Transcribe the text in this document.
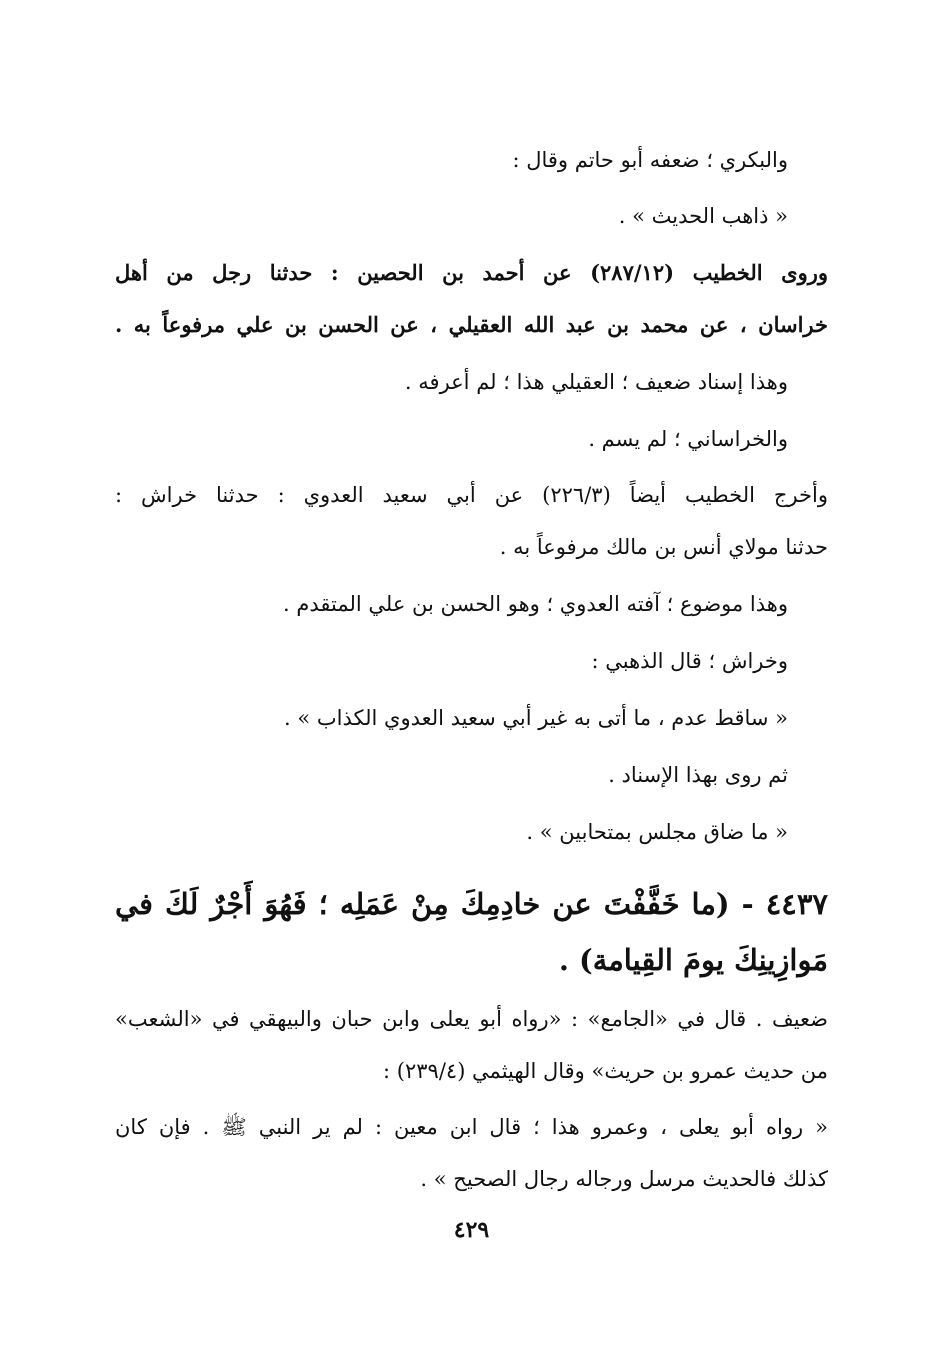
والبكري ؛ ضعفه أبو حاتم وقال :

« ذاهب الحديث » .

وروى الخطيب (٢٨٧/١٢) عن أحمد بن الحصين : حدثنا رجل من أهل

خراسان ، عن محمد بن عبد الله العقيلي ، عن الحسن بن علي مرفوعاً به .

وهذا إسناد ضعيف ؛ العقيلي هذا ؛ لم أعرفه .

والخراساني ؛ لم يسم .

وأخرج الخطيب أيضاً (٢٢٦/٣) عن أبي سعيد العدوي : حدثنا خراش :

حدثنا مولاي أنس بن مالك مرفوعاً به .

وهذا موضوع ؛ آفته العدوي ؛ وهو الحسن بن علي المتقدم .

وخراش ؛ قال الذهبي :

« ساقط عدم ، ما أتى به غير أبي سعيد العدوي الكذاب » .

ثم روى بهذا الإسناد .

« ما ضاق مجلس بمتحابين » .

٤٤٣٧ - (ما خَفَّفْتَ عن خادِمِكَ مِنْ عَمَلِه ؛ فَهُوَ أَجْرٌ لَكَ في

مَوازِينِكَ يومَ القِيامة) .

ضعيف . قال في «الجامع» : «رواه أبو يعلى وابن حبان والبيهقي في «الشعب»

من حديث عمرو بن حريث» وقال الهيثمي (٢٣٩/٤) :

« رواه أبو يعلى ، وعمرو هذا ؛ قال ابن معين : لم ير النبي ﷺ . فإن كان

كذلك فالحديث مرسل ورجاله رجال الصحيح » .

٤٢٩
